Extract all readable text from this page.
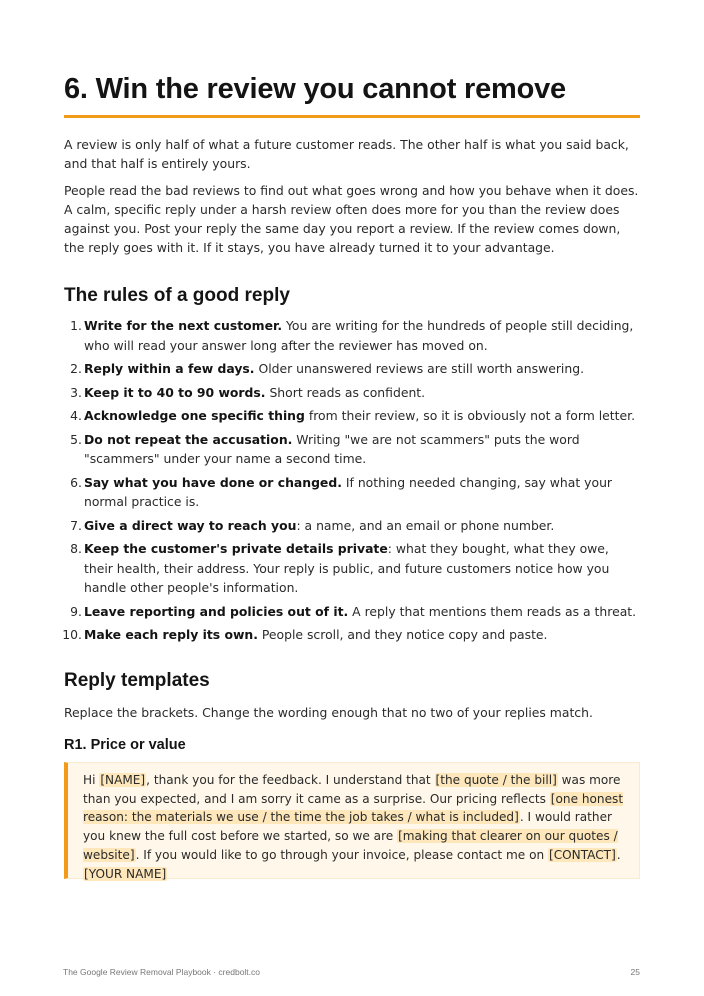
6. Win the review you cannot remove

A review is only half of what a future customer reads. The other half is what you said back, and that half is entirely yours.

People read the bad reviews to find out what goes wrong and how you behave when it does. A calm, specific reply under a harsh review often does more for you than the review does against you. Post your reply the same day you report a review. If the review comes down, the reply goes with it. If it stays, you have already turned it to your advantage.

The rules of a good reply
1. Write for the next customer. You are writing for the hundreds of people still deciding, who will read your answer long after the reviewer has moved on.
2. Reply within a few days. Older unanswered reviews are still worth answering.
3. Keep it to 40 to 90 words. Short reads as confident.
4. Acknowledge one specific thing from their review, so it is obviously not a form letter.
5. Do not repeat the accusation. Writing "we are not scammers" puts the word "scammers" under your name a second time.
6. Say what you have done or changed. If nothing needed changing, say what your normal practice is.
7. Give a direct way to reach you: a name, and an email or phone number.
8. Keep the customer's private details private: what they bought, what they owe, their health, their address. Your reply is public, and future customers notice how you handle other people's information.
9. Leave reporting and policies out of it. A reply that mentions them reads as a threat.
10. Make each reply its own. People scroll, and they notice copy and paste.
Reply templates

Replace the brackets. Change the wording enough that no two of your replies match.

R1. Price or value

Hi [NAME], thank you for the feedback. I understand that [the quote / the bill] was more than you expected, and I am sorry it came as a surprise. Our pricing reflects [one honest reason: the materials we use / the time the job takes / what is included]. I would rather you knew the full cost before we started, so we are [making that clearer on our quotes / website]. If you would like to go through your invoice, please contact me on [CONTACT]. [YOUR NAME]

The Google Review Removal Playbook · credbolt.co	25
